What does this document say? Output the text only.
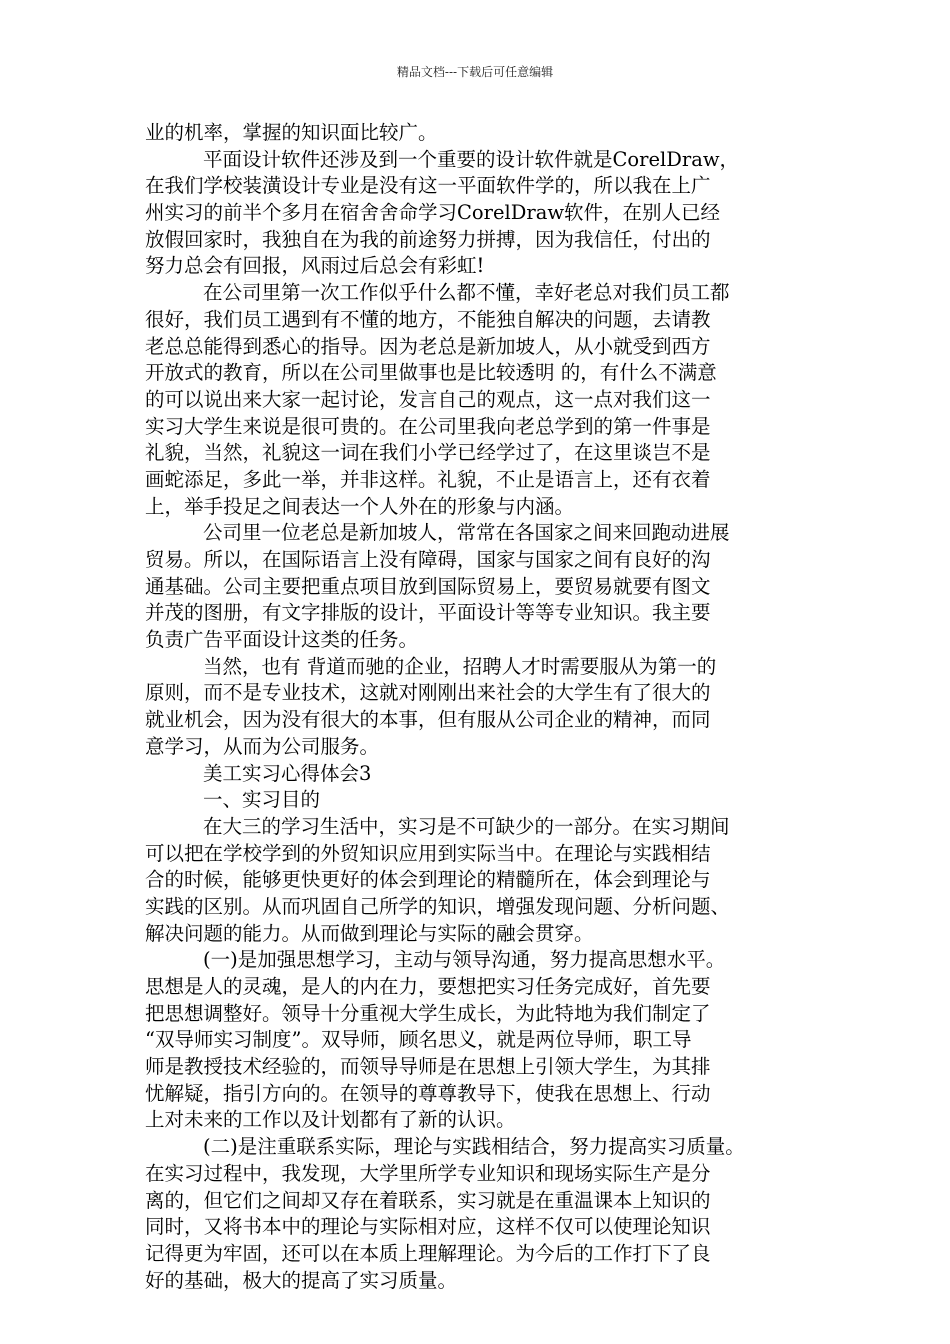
精品文档---下载后可任意编辑
业的机率，掌握的知识面比较广。
平面设计软件还涉及到一个重要的设计软件就是CorelDraw，
在我们学校装潢设计专业是没有这一平面软件学的，所以我在上广
州实习的前半个多月在宿舍舍命学习CorelDraw软件，在别人已经
放假回家时，我独自在为我的前途努力拼搏，因为我信任，付出的
努力总会有回报，风雨过后总会有彩虹!
在公司里第一次工作似乎什么都不懂，幸好老总对我们员工都
很好，我们员工遇到有不懂的地方，不能独自解决的问题，去请教
老总总能得到悉心的指导。因为老总是新加坡人，从小就受到西方
开放式的教育，所以在公司里做事也是比较透明 的，有什么不满意
的可以说出来大家一起讨论，发言自己的观点，这一点对我们这一
实习大学生来说是很可贵的。在公司里我向老总学到的第一件事是
礼貌，当然，礼貌这一词在我们小学已经学过了，在这里谈岂不是
画蛇添足，多此一举，并非这样。礼貌，不止是语言上，还有衣着
上，举手投足之间表达一个人外在的形象与内涵。
公司里一位老总是新加坡人，常常在各国家之间来回跑动进展
贸易。所以，在国际语言上没有障碍，国家与国家之间有良好的沟
通基础。公司主要把重点项目放到国际贸易上，要贸易就要有图文
并茂的图册，有文字排版的设计，平面设计等等专业知识。我主要
负责广告平面设计这类的任务。
当然，也有 背道而驰的企业，招聘人才时需要服从为第一的
原则，而不是专业技术，这就对刚刚出来社会的大学生有了很大的
就业机会，因为没有很大的本事，但有服从公司企业的精神，而同
意学习，从而为公司服务。
美工实习心得体会3
一、实习目的
在大三的学习生活中，实习是不可缺少的一部分。在实习期间
可以把在学校学到的外贸知识应用到实际当中。在理论与实践相结
合的时候，能够更快更好的体会到理论的精髓所在，体会到理论与
实践的区别。从而巩固自己所学的知识，增强发现问题、分析问题、
解决问题的能力。从而做到理论与实际的融会贯穿。
(一)是加强思想学习，主动与领导沟通，努力提高思想水平。
思想是人的灵魂，是人的内在力，要想把实习任务完成好，首先要
把思想调整好。领导十分重视大学生成长，为此特地为我们制定了
“双导师实习制度”。双导师，顾名思义，就是两位导师，职工导
师是教授技术经验的，而领导导师是在思想上引领大学生，为其排
忧解疑，指引方向的。在领导的尊尊教导下，使我在思想上、行动
上对未来的工作以及计划都有了新的认识。
(二)是注重联系实际，理论与实践相结合，努力提高实习质量。
在实习过程中，我发现，大学里所学专业知识和现场实际生产是分
离的，但它们之间却又存在着联系，实习就是在重温课本上知识的
同时，又将书本中的理论与实际相对应，这样不仅可以使理论知识
记得更为牢固，还可以在本质上理解理论。为今后的工作打下了良
好的基础，极大的提高了实习质量。
